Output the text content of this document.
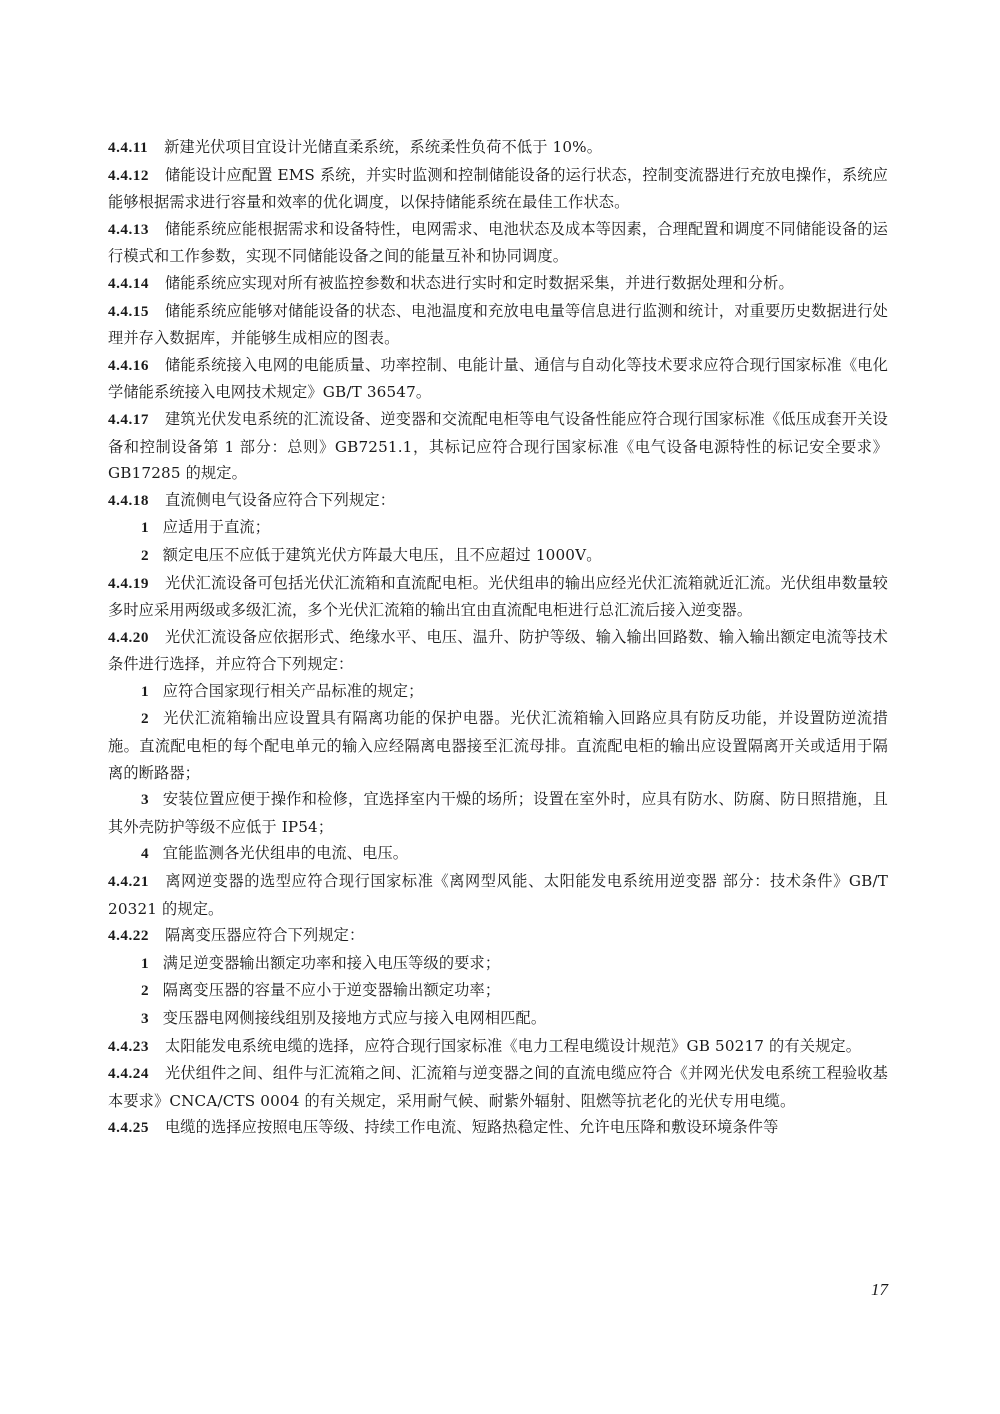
4.4.11 新建光伏项目宜设计光储直柔系统，系统柔性负荷不低于 10%。

4.4.12 储能设计应配置 EMS 系统，并实时监测和控制储能设备的运行状态，控制变流器进行充放电操作，系统应能够根据需求进行容量和效率的优化调度，以保持储能系统在最佳工作状态。

4.4.13 储能系统应能根据需求和设备特性，电网需求、电池状态及成本等因素，合理配置和调度不同储能设备的运行模式和工作参数，实现不同储能设备之间的能量互补和协同调度。

4.4.14 储能系统应实现对所有被监控参数和状态进行实时和定时数据采集，并进行数据处理和分析。

4.4.15 储能系统应能够对储能设备的状态、电池温度和充放电电量等信息进行监测和统计，对重要历史数据进行处理并存入数据库，并能够生成相应的图表。

4.4.16 储能系统接入电网的电能质量、功率控制、电能计量、通信与自动化等技术要求应符合现行国家标准《电化学储能系统接入电网技术规定》GB/T 36547。

4.4.17 建筑光伏发电系统的汇流设备、逆变器和交流配电柜等电气设备性能应符合现行国家标准《低压成套开关设备和控制设备第 1 部分：总则》GB7251.1，其标记应符合现行国家标准《电气设备电源特性的标记安全要求》GB17285 的规定。

4.4.18 直流侧电气设备应符合下列规定：

1 应适用于直流；

2 额定电压不应低于建筑光伏方阵最大电压，且不应超过 1000V。

4.4.19 光伏汇流设备可包括光伏汇流箱和直流配电柜。光伏组串的输出应经光伏汇流箱就近汇流。光伏组串数量较多时应采用两级或多级汇流，多个光伏汇流箱的输出宜由直流配电柜进行总汇流后接入逆变器。

4.4.20 光伏汇流设备应依据形式、绝缘水平、电压、温升、防护等级、输入输出回路数、输入输出额定电流等技术条件进行选择，并应符合下列规定：

1 应符合国家现行相关产品标准的规定；

2 光伏汇流箱输出应设置具有隔离功能的保护电器。光伏汇流箱输入回路应具有防反功能，并设置防逆流措施。直流配电柜的每个配电单元的输入应经隔离电器接至汇流母排。直流配电柜的输出应设置隔离开关或适用于隔离的断路器；

3 安装位置应便于操作和检修，宜选择室内干燥的场所；设置在室外时，应具有防水、防腐、防日照措施，且其外壳防护等级不应低于 IP54；

4 宜能监测各光伏组串的电流、电压。

4.4.21 离网逆变器的选型应符合现行国家标准《离网型风能、太阳能发电系统用逆变器 部分：技术条件》GB/T 20321 的规定。

4.4.22 隔离变压器应符合下列规定：

1 满足逆变器输出额定功率和接入电压等级的要求；

2 隔离变压器的容量不应小于逆变器输出额定功率；

3 变压器电网侧接线组别及接地方式应与接入电网相匹配。

4.4.23 太阳能发电系统电缆的选择，应符合现行国家标准《电力工程电缆设计规范》GB 50217 的有关规定。

4.4.24 光伏组件之间、组件与汇流箱之间、汇流箱与逆变器之间的直流电缆应符合《并网光伏发电系统工程验收基本要求》CNCA/CTS 0004 的有关规定，采用耐气候、耐紫外辐射、阻燃等抗老化的光伏专用电缆。

4.4.25 电缆的选择应按照电压等级、持续工作电流、短路热稳定性、允许电压降和敷设环境条件等

17
